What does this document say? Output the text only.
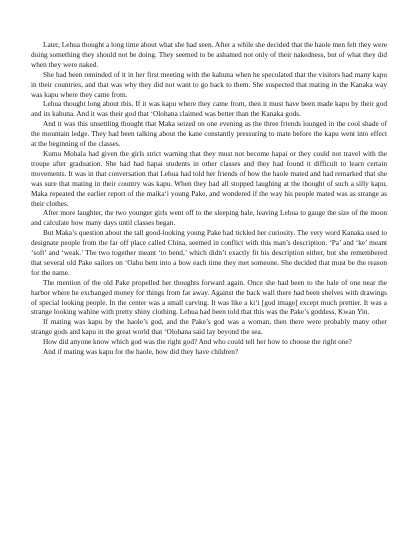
Later, Lehua thought a long time about what she had seen. After a while she decided that the haole men felt they were doing something they should not be doing. They seemed to be ashamed not only of their nakedness, but of what they did when they were naked.

She had been reminded of it in her first meeting with the kahuna when he speculated that the visitors had many kapu in their countries, and that was why they did not want to go back to them. She suspected that mating in the Kanaka way was kapu where they came from.

Lehua thought long about this. If it was kapu where they came from, then it must have been made kapu by their god and its kahuna. And it was their god that ‘Olohana claimed was better than the Kanaka gods.

And it was this unsettling thought that Maka seized on one evening as the three friends lounged in the cool shade of the mountain ledge. They had been talking about the kane constantly pressuring to mate before the kapu went into effect at the beginning of the classes.

Kumu Mohala had given the girls strict warning that they must not become hapai or they could not travel with the troupe after graduation. She had had hapai students in other classes and they had found it difficult to learn certain movements. It was in that conversation that Lehua had told her friends of how the haole mated and had remarked that she was sure that mating in their country was kapu. When they had all stopped laughing at the thought of such a silly kapu, Maka repeated the earlier report of the maika‘i young Pake, and wondered if the way his people mated was as strange as their clothes.

After more laughter, the two younger girls went off to the sleeping hale, leaving Lehua to gauge the size of the moon and calculate how many days until classes began.

But Maka’s question about the tall good-looking young Pake had tickled her curiosity. The very word Kanaka used to designate people from the far off place called China, seemed in conflict with this man’s description. ‘Pa’ and ‘ke’ meant ‘soft’ and ‘weak.’ The two together meant ‘to bend,’ which didn’t exactly fit his description either, but she remembered that several old Pake sailors on ‘Oahu bent into a bow each time they met someone. She decided that must be the reason for the name.

The mention of the old Pake propelled her thoughts forward again. Once she had been to the hale of one near the harbor where he exchanged money for things from far away. Against the back wall there had been shelves with drawings of special looking people. In the center was a small carving. It was like a ki‘i [god image] except much prettier. It was a strange looking wahine with pretty shiny clothing. Lehua had been told that this was the Pake’s goddess, Kwan Yin.

If mating was kapu by the haole’s god, and the Pake’s god was a woman, then there were probably many other strange gods and kapu in the great world that ‘Olohana said lay beyond the sea.

How did anyone know which god was the right god? And who could tell her how to choose the right one?

And if mating was kapu for the haole, how did they have children?
